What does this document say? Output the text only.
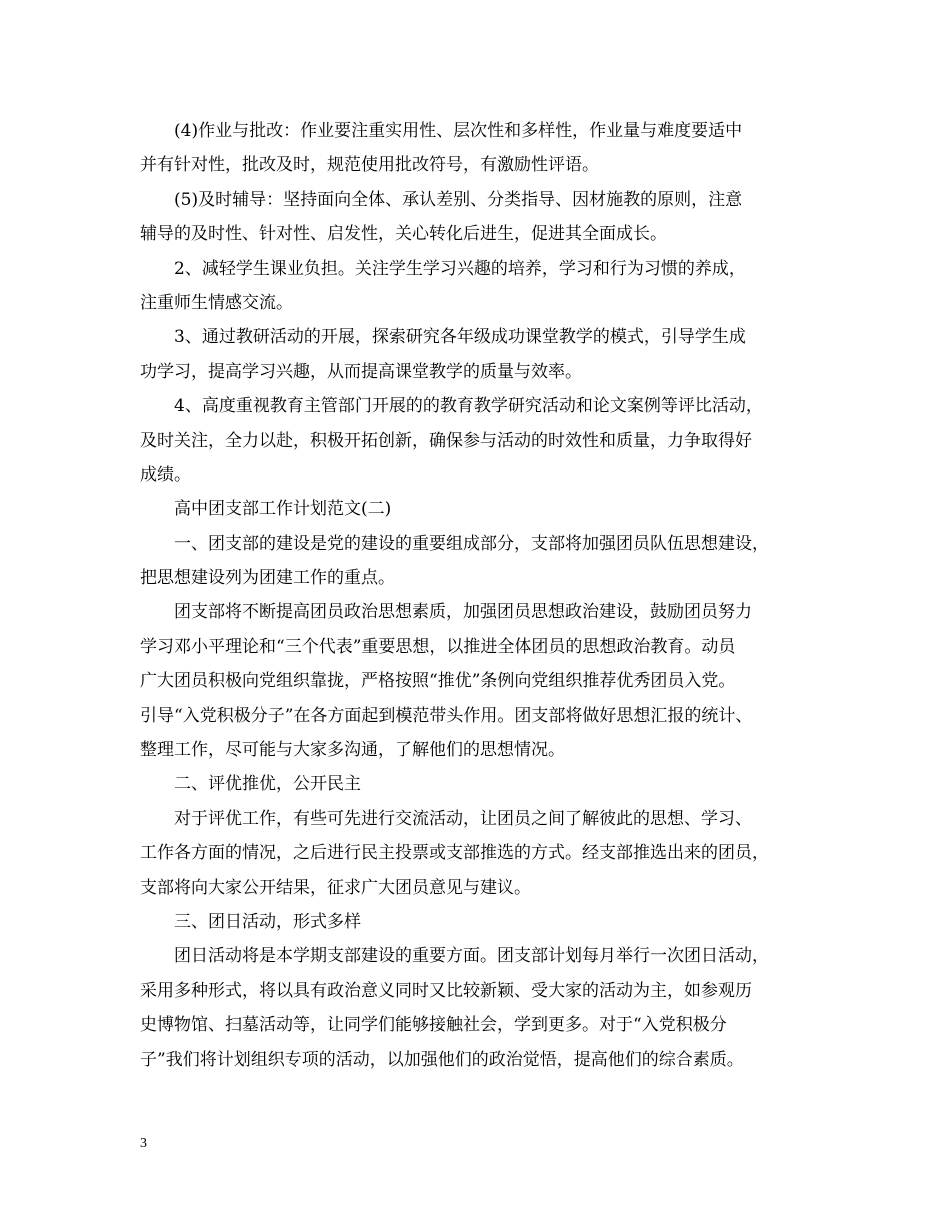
(4)作业与批改：作业要注重实用性、层次性和多样性，作业量与难度要适中
并有针对性，批改及时，规范使用批改符号，有激励性评语。
(5)及时辅导：坚持面向全体、承认差别、分类指导、因材施教的原则，注意
辅导的及时性、针对性、启发性，关心转化后进生，促进其全面成长。
2、减轻学生课业负担。关注学生学习兴趣的培养，学习和行为习惯的养成，
注重师生情感交流。
3、通过教研活动的开展，探索研究各年级成功课堂教学的模式，引导学生成
功学习，提高学习兴趣，从而提高课堂教学的质量与效率。
4、高度重视教育主管部门开展的的教育教学研究活动和论文案例等评比活动，
及时关注，全力以赴，积极开拓创新，确保参与活动的时效性和质量，力争取得好
成绩。
高中团支部工作计划范文(二)
一、团支部的建设是党的建设的重要组成部分，支部将加强团员队伍思想建设，
把思想建设列为团建工作的重点。
团支部将不断提高团员政治思想素质，加强团员思想政治建设，鼓励团员努力
学习邓小平理论和“三个代表”重要思想，以推进全体团员的思想政治教育。动员
广大团员积极向党组织靠拢，严格按照“推优”条例向党组织推荐优秀团员入党。
引导“入党积极分子”在各方面起到模范带头作用。团支部将做好思想汇报的统计、
整理工作，尽可能与大家多沟通，了解他们的思想情况。
二、评优推优，公开民主
对于评优工作，有些可先进行交流活动，让团员之间了解彼此的思想、学习、
工作各方面的情况，之后进行民主投票或支部推选的方式。经支部推选出来的团员，
支部将向大家公开结果，征求广大团员意见与建议。
三、团日活动，形式多样
团日活动将是本学期支部建设的重要方面。团支部计划每月举行一次团日活动，
采用多种形式，将以具有政治意义同时又比较新颖、受大家的活动为主，如参观历
史博物馆、扫墓活动等，让同学们能够接触社会，学到更多。对于“入党积极分
子”我们将计划组织专项的活动，以加强他们的政治觉悟，提高他们的综合素质。
3
